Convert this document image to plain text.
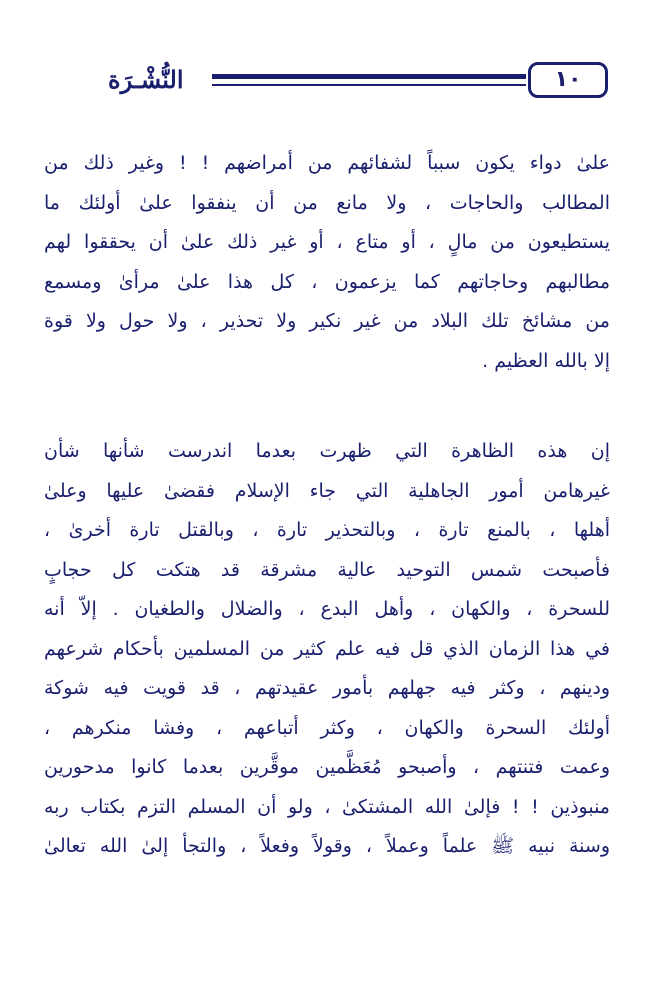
النُّشْـرَة	١٠
علىٰ دواء يكون سبباً لشفائهم من أمراضهم ! ! وغير ذلك من
المطالب والحاجات ، ولا مانع من أن ينفقوا علىٰ أولئك ما
يستطيعون من مالٍ ، أو متاع ، أو غير ذلك علىٰ أن يحققوا لهم
مطالبهم وحاجاتهم كما يزعمون ، كل هذا علىٰ مرأىٰ ومسمع
من مشائخ تلك البلاد من غير نكير ولا تحذير ، ولا حول ولا قوة
إلا بالله العظيم .
إن هذه الظاهرة التي ظهرت بعدما اندرست شأنها شأن
غيرهامن أمور الجاهلية التي جاء الإسلام فقضىٰ عليها وعلىٰ
أهلها ، بالمنع تارة ، وبالتحذير تارة ، وبالقتل تارة أخرىٰ ،
فأصبحت شمس التوحيد عالية مشرقة قد هتكت كل حجابٍ
للسحرة ، والكهان ، وأهل البدع ، والضلال والطغيان . إلاّ أنه
في هذا الزمان الذي قل فيه علم كثير من المسلمين بأحكام شرعهم
ودينهم ، وكثر فيه جهلهم بأمور عقيدتهم ، قد قويت فيه شوكة
أولئك السحرة والكهان ، وكثر أتباعهم ، وفشا منكرهم ،
وعمت فتنتهم ، وأصبحو مُعَظَّمين موقَّرين بعدما كانوا مدحورين
منبوذين ! ! فإلىٰ الله المشتكىٰ ، ولو أن المسلم التزم بكتاب ربه
وسنة نبيه ﷺ علماً وعملاً ، وقولاً وفعلاً ، والتجأ إلىٰ الله تعالىٰ
